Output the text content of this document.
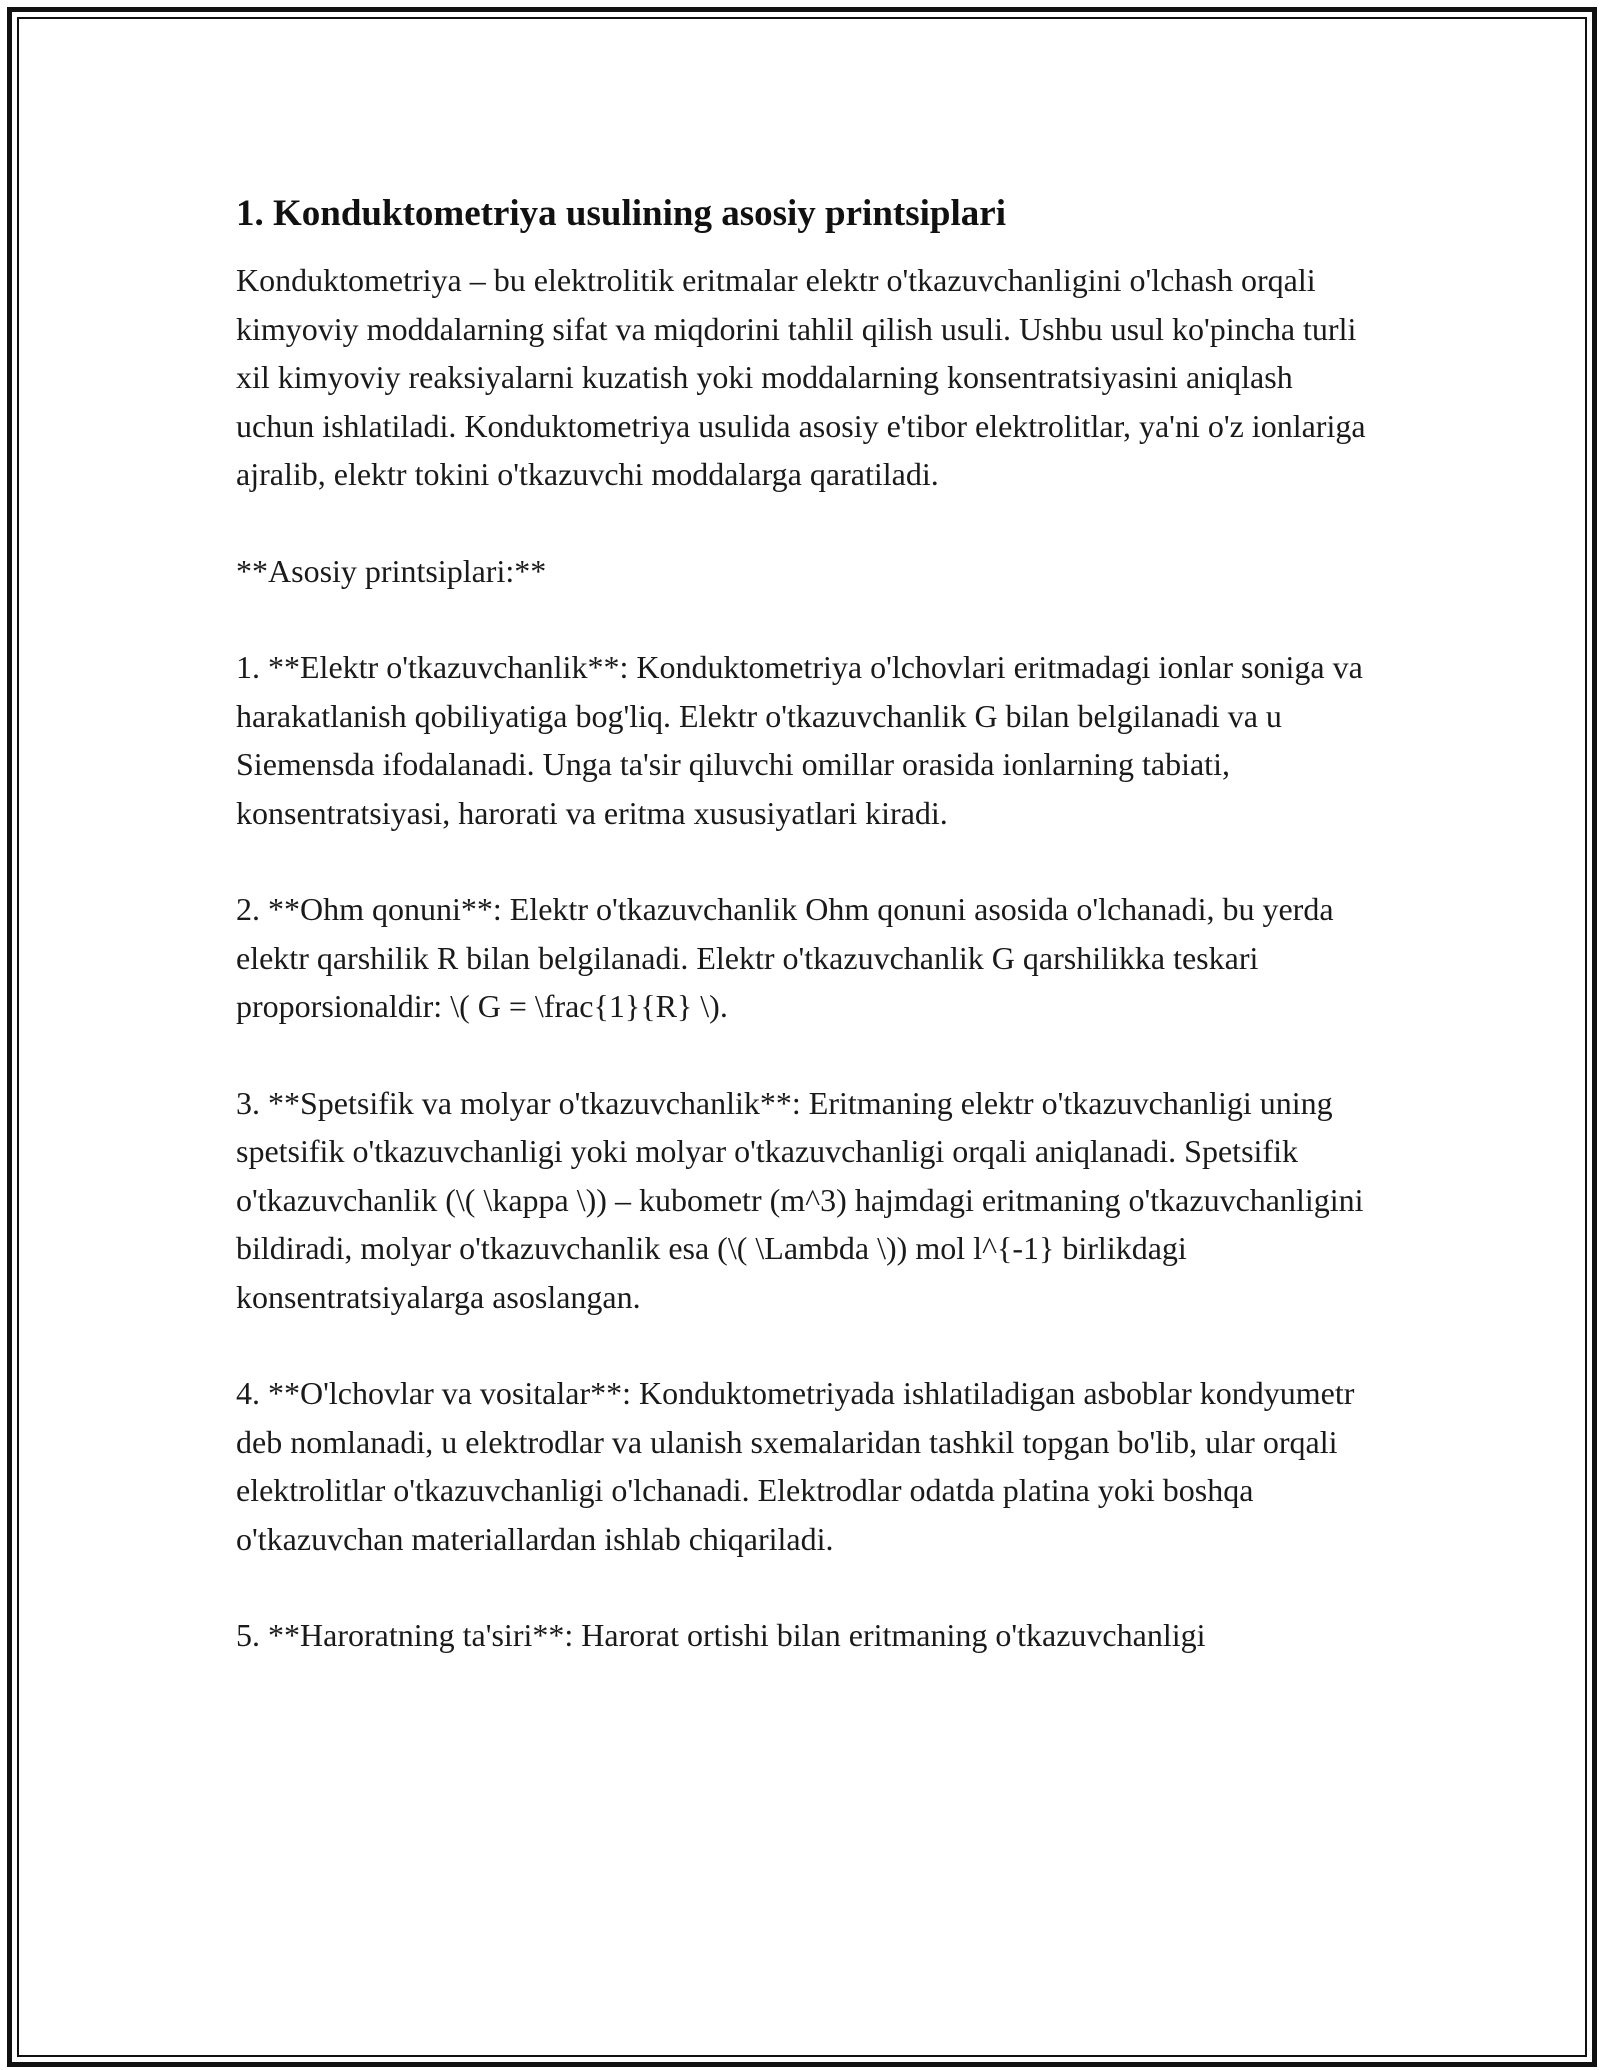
1. Konduktometriya usulining asosiy printsiplari

Konduktometriya – bu elektrolitik eritmalar elektr o'tkazuvchanligini o'lchash orqali kimyoviy moddalarning sifat va miqdorini tahlil qilish usuli. Ushbu usul ko'pincha turli xil kimyoviy reaksiyalarni kuzatish yoki moddalarning konsentratsiyasini aniqlash uchun ishlatiladi. Konduktometriya usulida asosiy e'tibor elektrolitlar, ya'ni o'z ionlariga ajralib, elektr tokini o'tkazuvchi moddalarga qaratiladi.

**Asosiy printsiplari:**

1. **Elektr o'tkazuvchanlik**: Konduktometriya o'lchovlari eritmadagi ionlar soniga va harakatlanish qobiliyatiga bog'liq. Elektr o'tkazuvchanlik G bilan belgilanadi va u Siemensda ifodalanadi. Unga ta'sir qiluvchi omillar orasida ionlarning tabiati, konsentratsiyasi, harorati va eritma xususiyatlari kiradi.

2. **Ohm qonuni**: Elektr o'tkazuvchanlik Ohm qonuni asosida o'lchanadi, bu yerda elektr qarshilik R bilan belgilanadi. Elektr o'tkazuvchanlik G qarshilikka teskari proporsionaldir: \( G = \frac{1}{R} \).

3. **Spetsifik va molyar o'tkazuvchanlik**: Eritmaning elektr o'tkazuvchanligi uning spetsifik o'tkazuvchanligi yoki molyar o'tkazuvchanligi orqali aniqlanadi. Spetsifik o'tkazuvchanlik (\( \kappa \)) – kubometr (m^3) hajmdagi eritmaning o'tkazuvchanligini bildiradi, molyar o'tkazuvchanlik esa (\( \Lambda \)) mol l^{-1} birlikdagi konsentratsiyalarga asoslangan.

4. **O'lchovlar va vositalar**: Konduktometriyada ishlatiladigan asboblar kondyumetr deb nomlanadi, u elektrodlar va ulanish sxemalaridan tashkil topgan bo'lib, ular orqali elektrolitlar o'tkazuvchanligi o'lchanadi. Elektrodlar odatda platina yoki boshqa o'tkazuvchan materiallardan ishlab chiqariladi.

5. **Haroratning ta'siri**: Harorat ortishi bilan eritmaning o'tkazuvchanligi
